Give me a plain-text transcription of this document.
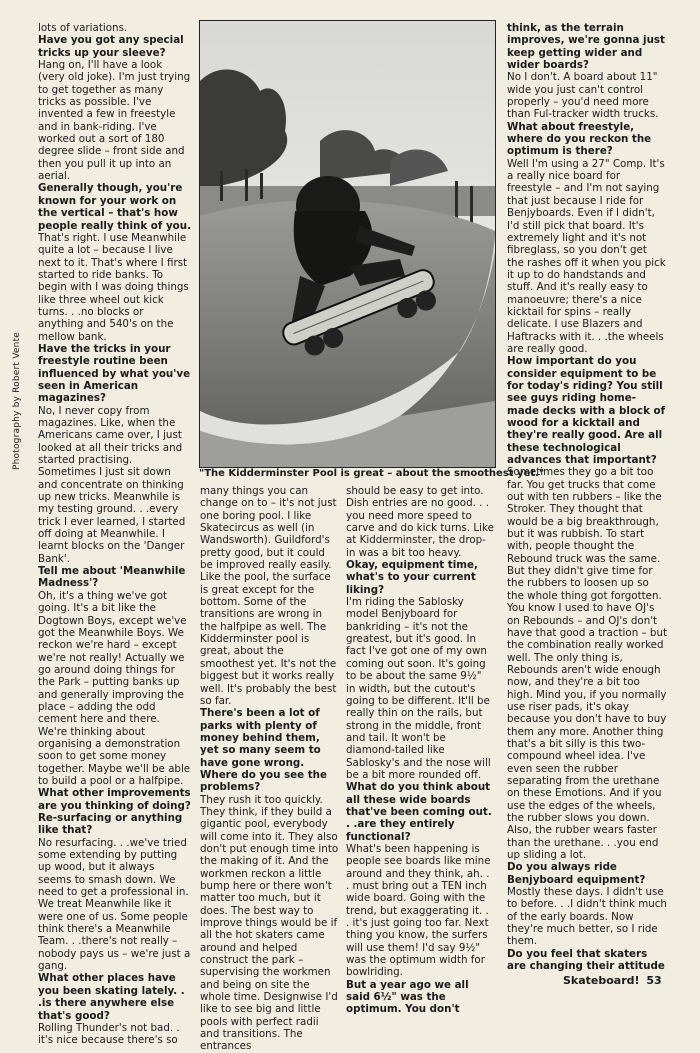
Photography by Robert Vente

lots of variations.

Have you got any special tricks up your sleeve?

Hang on, I'll have a look (very old joke). I'm just trying to get together as many tricks as possible. I've invented a few in freestyle and in bank-riding. I've worked out a sort of 180 degree slide – front side and then you pull it up into an aerial.

Generally though, you're known for your work on the vertical – that's how people really think of you.

That's right. I use Meanwhile quite a lot – because I live next to it. That's where I first started to ride banks. To begin with I was doing things like three wheel out kick turns. . .no blocks or anything and 540's on the mellow bank.

Have the tricks in your freestyle routine been influenced by what you've seen in American magazines?

No, I never copy from magazines. Like, when the Americans came over, I just looked at all their tricks and started practising. Sometimes I just sit down and concentrate on thinking up new tricks. Meanwhile is my testing ground. . .every trick I ever learned, I started off doing at Meanwhile. I learnt blocks on the 'Danger Bank'.

Tell me about 'Meanwhile Madness'?

Oh, it's a thing we've got going. It's a bit like the Dogtown Boys, except we've got the Meanwhile Boys. We reckon we're hard – except we're not really! Actually we go around doing things for the Park – putting banks up and generally improving the place – adding the odd cement here and there. We're thinking about organising a demonstration soon to get some money together. Maybe we'll be able to build a pool or a halfpipe.

What other improvements are you thinking of doing? Re-surfacing or anything like that?

No resurfacing. . .we've tried some extending by putting up wood, but it always seems to smash down. We need to get a professional in. We treat Meanwhile like it were one of us. Some people think there's a Meanwhile Team. . .there's not really – nobody pays us – we're just a gang.

What other places have you been skating lately. . .is there anywhere else that's good?

Rolling Thunder's not bad. . it's nice because there's so

"The Kidderminster Pool is great – about the smoothest yet."

many things you can change on to – it's not just one boring pool. I like Skatecircus as well (in Wandsworth). Guildford's pretty good, but it could be improved really easily. Like the pool, the surface is great except for the bottom. Some of the transitions are wrong in the halfpipe as well. The Kidderminster pool is great, about the smoothest yet. It's not the biggest but it works really well. It's probably the best so far.

There's been a lot of parks with plenty of money behind them, yet so many seem to have gone wrong. Where do you see the problems?

They rush it too quickly. They think, if they build a gigantic pool, everybody will come into it. They also don't put enough time into the making of it. And the workmen reckon a little bump here or there won't matter too much, but it does. The best way to improve things would be if all the hot skaters came around and helped construct the park – supervising the workmen and being on site the whole time. Designwise I'd like to see big and little pools with perfect radii and transitions. The entrances

should be easy to get into. Dish entries are no good. . . you need more speed to carve and do kick turns. Like at Kidderminster, the drop-in was a bit too heavy.

Okay, equipment time, what's to your current liking?

I'm riding the Sablosky model Benjyboard for bankriding – it's not the greatest, but it's good. In fact I've got one of my own coming out soon. It's going to be about the same 9½" in width, but the cutout's going to be different. It'll be really thin on the rails, but strong in the middle, front and tail. It won't be diamond-tailed like Sablosky's and the nose will be a bit more rounded off.

What do you think about all these wide boards that've been coming out. . .are they entirely functional?

What's been happening is people see boards like mine around and they think, ah. . . must bring out a TEN inch wide board. Going with the trend, but exaggerating it. . . it's just going too far. Next thing you know, the surfers will use them! I'd say 9½" was the optimum width for bowlriding.

But a year ago we all said 6½" was the optimum. You don't

think, as the terrain improves, we're gonna just keep getting wider and wider boards?

No I don't. A board about 11" wide you just can't control properly – you'd need more than Ful-tracker width trucks.

What about freestyle, where do you reckon the optimum is there?

Well I'm using a 27" Comp. It's a really nice board for freestyle – and I'm not saying that just because I ride for Benjyboards. Even if I didn't, I'd still pick that board. It's extremely light and it's not fibreglass, so you don't get the rashes off it when you pick it up to do handstands and stuff. And it's really easy to manoeuvre; there's a nice kicktail for spins – really delicate. I use Blazers and Haftracks with it. . .the wheels are really good.

How important do you consider equipment to be for today's riding? You still see guys riding home-made decks with a block of wood for a kicktail and they're really good. Are all these technological advances that important?

Sometimes they go a bit too far. You get trucks that come out with ten rubbers – like the Stroker. They thought that would be a big breakthrough, but it was rubbish. To start with, people thought the Rebound truck was the same. But they didn't give time for the rubbers to loosen up so the whole thing got forgotten. You know I used to have OJ's on Rebounds – and OJ's don't have that good a traction – but the combination really worked well. The only thing is, Rebounds aren't wide enough now, and they're a bit too high. Mind you, if you normally use riser pads, it's okay because you don't have to buy them any more. Another thing that's a bit silly is this two-compound wheel idea. I've even seen the rubber separating from the urethane on these Emotions. And if you use the edges of the wheels, the rubber slows you down. Also, the rubber wears faster than the urethane. . .you end up sliding a lot.

Do you always ride Benjyboard equipment?

Mostly these days. I didn't use to before. . .I didn't think much of the early boards. Now they're much better, so I ride them.

Do you feel that skaters are changing their attitude

Skateboard! 53
